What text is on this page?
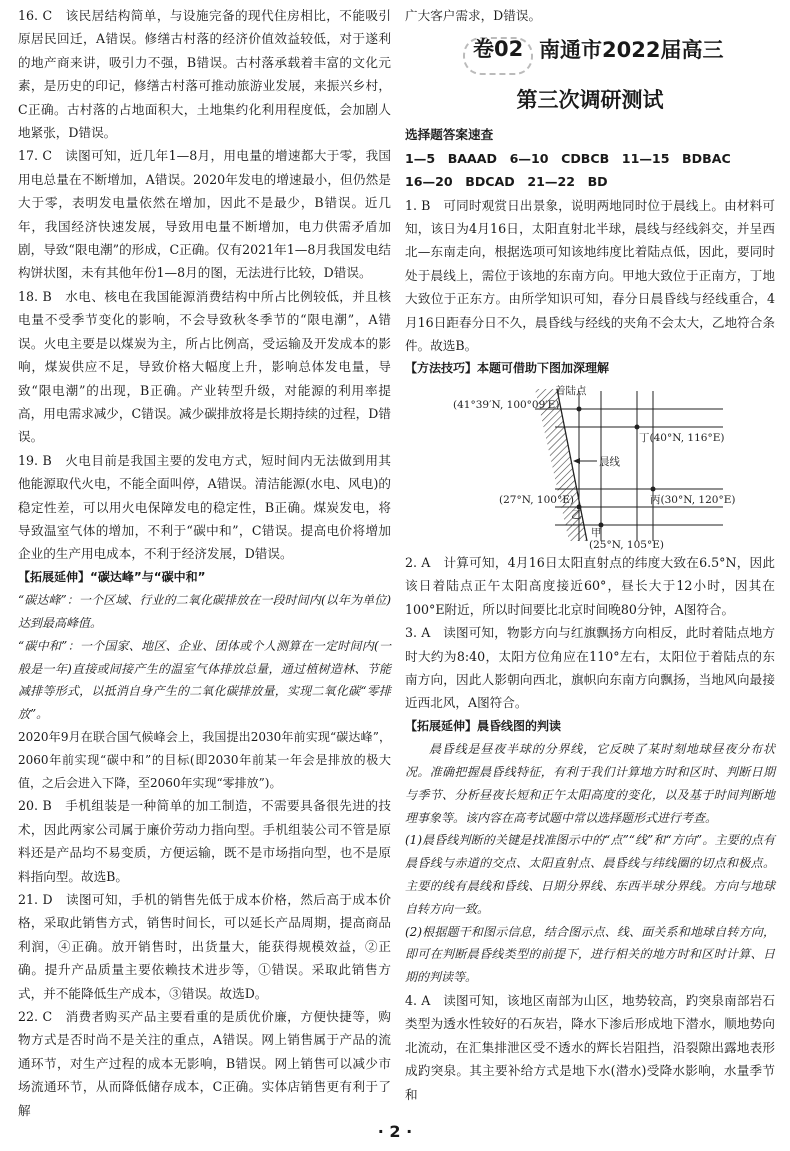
16. C　该民居结构简单，与设施完备的现代住房相比，不能吸引原居民回迁，A错误。修缮古村落的经济价值效益较低，对于遂利的地产商来讲，吸引力不强，B错误。古村落承载着丰富的文化元素，是历史的印记，修缮古村落可推动旅游业发展，来振兴乡村，C正确。古村落的占地面积大，土地集约化利用程度低，会加剧人地紧张，D错误。

17. C　读图可知，近几年1—8月，用电量的增速都大于零，我国用电总量在不断增加，A错误。2020年发电的增速最小，但仍然是大于零，表明发电量依然在增加，因此不是最少，B错误。近几年，我国经济快速发展，导致用电量不断增加，电力供需矛盾加剧，导致“限电潮”的形成，C正确。仅有2021年1—8月我国发电结构饼状图，未有其他年份1—8月的图，无法进行比较，D错误。

18. B　水电、核电在我国能源消费结构中所占比例较低，并且核电量不受季节变化的影响，不会导致秋冬季节的“限电潮”，A错误。火电主要是以煤炭为主，所占比例高，受运输及开发成本的影响，煤炭供应不足，导致价格大幅度上升，影响总体发电量，导致“限电潮”的出现，B正确。产业转型升级，对能源的利用率提高，用电需求减少，C错误。减少碳排放将是长期持续的过程，D错误。

19. B　火电目前是我国主要的发电方式，短时间内无法做到用其他能源取代火电，不能全面叫停，A错误。清洁能源(水电、风电)的稳定性差，可以用火电保障发电的稳定性，B正确。煤炭发电，将导致温室气体的增加，不利于“碳中和”，C错误。提高电价将增加企业的生产用电成本，不利于经济发展，D错误。

【拓展延伸】“碳达峰”与“碳中和”

“碳达峰”：一个区域、行业的二氧化碳排放在一段时间内(以年为单位)达到最高峰值。

“碳中和”：一个国家、地区、企业、团体或个人测算在一定时间内(一般是一年)直接或间接产生的温室气体排放总量，通过植树造林、节能减排等形式，以抵消自身产生的二氧化碳排放量，实现二氧化碳“零排放”。

2020年9月在联合国气候峰会上，我国提出2030年前实现“碳达峰”，2060年前实现“碳中和”的目标(即2030年前某一年会是排放的极大值，之后会进入下降，至2060年实现“零排放”)。

20. B　手机组装是一种简单的加工制造，不需要具备很先进的技术，因此两家公司属于廉价劳动力指向型。手机组装公司不管是原料还是产品均不易变质，方便运输，既不是市场指向型，也不是原料指向型。故选B。

21. D　读图可知，手机的销售先低于成本价格，然后高于成本价格，采取此销售方式，销售时间长，可以延长产品周期，提高商品利润，④正确。放开销售时，出货量大，能获得规模效益，②正确。提升产品质量主要依赖技术进步等，①错误。采取此销售方式，并不能降低生产成本，③错误。故选D。

22. C　消费者购买产品主要看重的是质优价廉，方便快捷等，购物方式是否时尚不是关注的重点，A错误。网上销售属于产品的流通环节，对生产过程的成本无影响，B错误。网上销售可以减少市场流通环节，从而降低储存成本，C正确。实体店销售更有利于了解

广大客户需求，D错误。

卷02 南通市2022届高三
第三次调研测试

选择题答案速查

1—5　BAAAD　6—10　CDBCB　11—15　BDBAC

16—20　BDCAD　21—22　BD

1. B　可同时观赏日出景象，说明两地同时位于晨线上。由材料可知，该日为4月16日，太阳直射北半球，晨线与经线斜交，并呈西北—东南走向，根据选项可知该地纬度比着陆点低，因此，要同时处于晨线上，需位于该地的东南方向。甲地大致位于正南方，丁地大致位于正东方。由所学知识可知，春分日晨昏线与经线重合，4月16日距春分日不久，晨昏线与经线的夹角不会太大，乙地符合条件。故选B。

【方法技巧】本题可借助下图加深理解

着陆点
(41°39′N, 100°09′E)
丁(40°N, 116°E)
晨线
丙(30°N, 120°E)
乙
(27°N, 100°E)
甲
(25°N, 105°E)

2. A　计算可知，4月16日太阳直射点的纬度大致在6.5°N，因此该日着陆点正午太阳高度接近60°，昼长大于12小时，因其在100°E附近，所以时间要比北京时间晚80分钟，A图符合。

3. A　读图可知，物影方向与红旗飘扬方向相反，此时着陆点地方时大约为8:40，太阳方位角应在110°左右，太阳位于着陆点的东南方向，因此人影朝向西北，旗帜向东南方向飘扬，当地风向最接近西北风，A图符合。

【拓展延伸】晨昏线图的判读

晨昏线是昼夜半球的分界线，它反映了某时刻地球昼夜分布状况。准确把握晨昏线特征，有利于我们计算地方时和区时、判断日期与季节、分析昼夜长短和正午太阳高度的变化，以及基于时间判断地理事象等。该内容在高考试题中常以选择题形式进行考查。

(1)晨昏线判断的关键是找准图示中的“点”“线”和“方向”。主要的点有晨昏线与赤道的交点、太阳直射点、晨昏线与纬线圈的切点和极点。主要的线有晨线和昏线、日期分界线、东西半球分界线。方向与地球自转方向一致。

(2)根据题干和图示信息，结合图示点、线、面关系和地球自转方向，即可在判断晨昏线类型的前提下，进行相关的地方时和区时计算、日期的判读等。

4. A　读图可知，该地区南部为山区，地势较高，趵突泉南部岩石类型为透水性较好的石灰岩，降水下渗后形成地下潜水，顺地势向北流动，在汇集排泄区受不透水的辉长岩阻挡，沿裂隙出露地表形成趵突泉。其主要补给方式是地下水(潜水)受降水影响，水量季节和

· 2 ·
